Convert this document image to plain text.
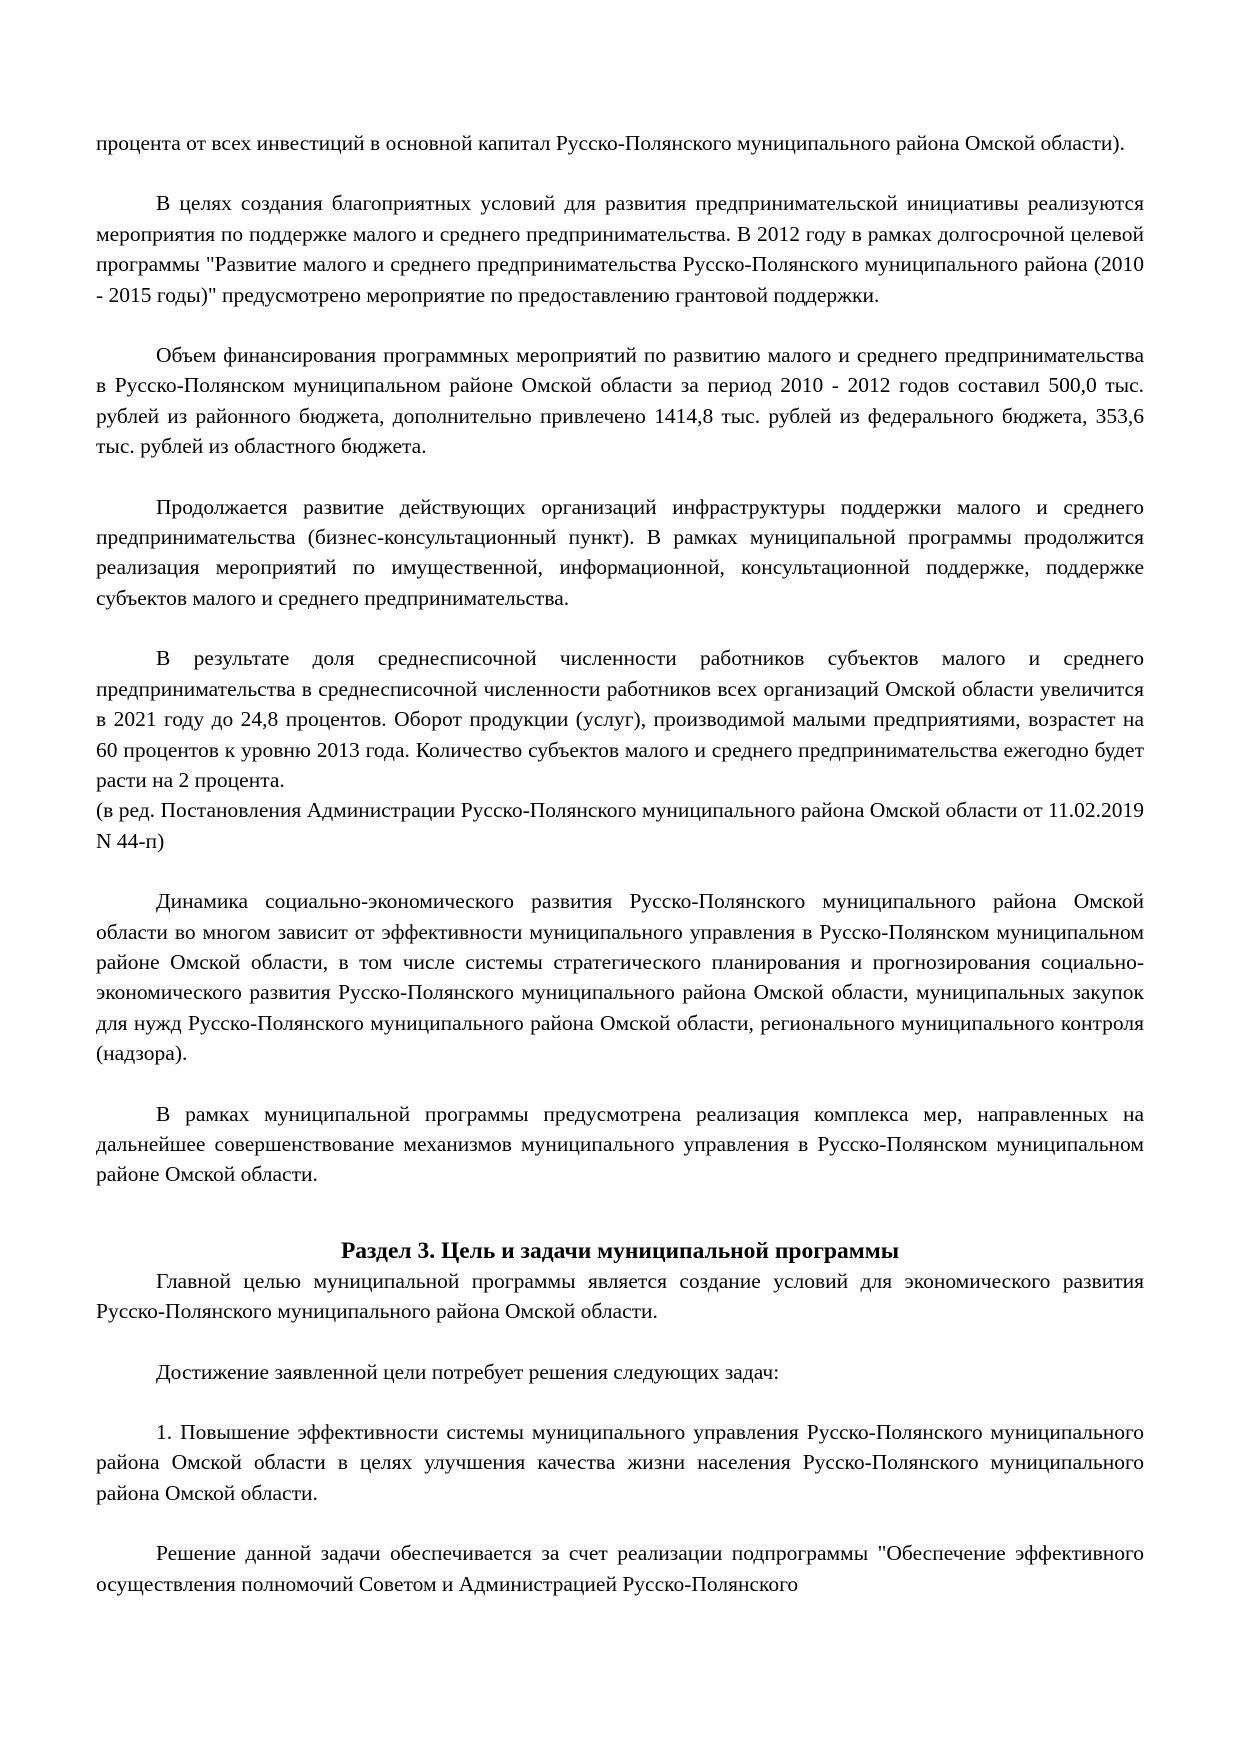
процента от всех инвестиций в основной капитал Русско-Полянского муниципального района Омской области).

В целях создания благоприятных условий для развития предпринимательской инициативы реализуются мероприятия по поддержке малого и среднего предпринимательства. В 2012 году в рамках долгосрочной целевой программы "Развитие малого и среднего предпринимательства Русско-Полянского муниципального района (2010 - 2015 годы)" предусмотрено мероприятие по предоставлению грантовой поддержки.

Объем финансирования программных мероприятий по развитию малого и среднего предпринимательства в Русско-Полянском муниципальном районе Омской области за период 2010 - 2012 годов составил 500,0 тыс. рублей из районного бюджета, дополнительно привлечено 1414,8 тыс. рублей из федерального бюджета, 353,6 тыс. рублей из областного бюджета.

Продолжается развитие действующих организаций инфраструктуры поддержки малого и среднего предпринимательства (бизнес-консультационный пункт). В рамках муниципальной программы продолжится реализация мероприятий по имущественной, информационной, консультационной поддержке, поддержке субъектов малого и среднего предпринимательства.

В результате доля среднесписочной численности работников субъектов малого и среднего предпринимательства в среднесписочной численности работников всех организаций Омской области увеличится в 2021 году до 24,8 процентов. Оборот продукции (услуг), производимой малыми предприятиями, возрастет на 60 процентов к уровню 2013 года. Количество субъектов малого и среднего предпринимательства ежегодно будет расти на 2 процента.

(в ред. Постановления Администрации Русско-Полянского муниципального района Омской области от 11.02.2019 N 44-п)

Динамика социально-экономического развития Русско-Полянского муниципального района Омской области во многом зависит от эффективности муниципального управления в Русско-Полянском муниципальном районе Омской области, в том числе системы стратегического планирования и прогнозирования социально-экономического развития Русско-Полянского муниципального района Омской области, муниципальных закупок для нужд Русско-Полянского муниципального района Омской области, регионального муниципального контроля (надзора).

В рамках муниципальной программы предусмотрена реализация комплекса мер, направленных на дальнейшее совершенствование механизмов муниципального управления в Русско-Полянском муниципальном районе Омской области.

Раздел 3. Цель и задачи муниципальной программы

Главной целью муниципальной программы является создание условий для экономического развития Русско-Полянского муниципального района Омской области.

Достижение заявленной цели потребует решения следующих задач:

1. Повышение эффективности системы муниципального управления Русско-Полянского муниципального района Омской области в целях улучшения качества жизни населения Русско-Полянского муниципального района Омской области.

Решение данной задачи обеспечивается за счет реализации подпрограммы "Обеспечение эффективного осуществления полномочий Советом и Администрацией Русско-Полянского
